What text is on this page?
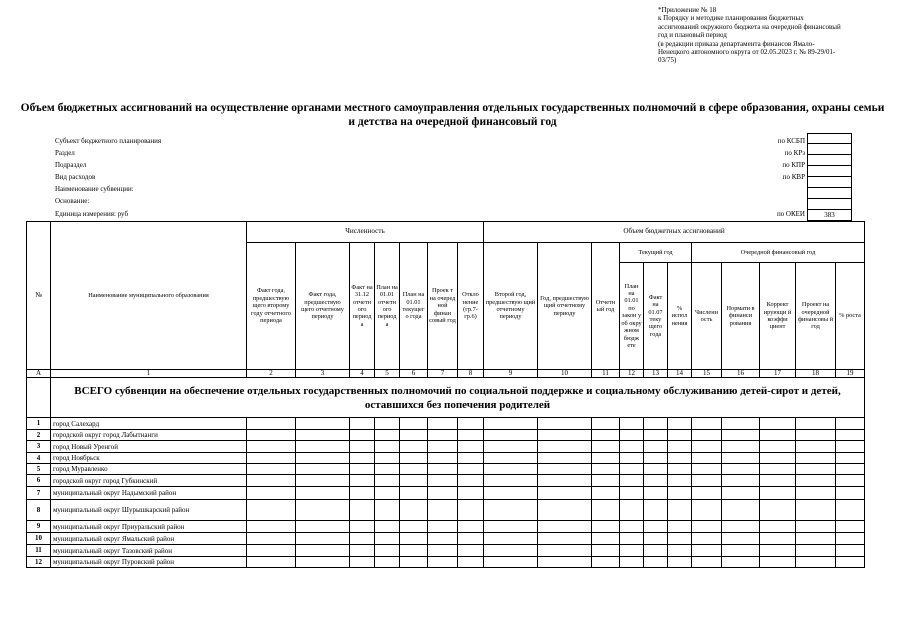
*Приложение № 18
к Порядку и методике планирования бюджетных
ассигнований окружного бюджета на очередной финансовый
год и плановый период
(в редакции приказа департамента финансов Ямало-
Ненецкого автономного округа от 02.05.2023 г. № 89-29/01-
03/75)
Объем бюджетных ассигнований на осуществление органами местного самоуправления отдельных государственных полномочий в сфере образования, охраны семьи и детства на очередной финансовый год
Субъект бюджетного планирования
Раздел
Подраздел
Вид расходов
Наименование субвенции:
Основание:
Единица измерения: руб
по КСБП
по КРз
по КПР
по КВР
по ОКЕИ	383
№	Наименование муниципального образования	Численность							Объем бюджетных ассигнований										
		Факт года, предшествую щего второму году отчетного периода	Факт года, предшествую щего отчетному периоду	Факт на 31.12 отчетн ого период а	План на 01.01 отчетн ого период а	План на 01.01 текущег о года	Проек т на очеред ной финан совый год	Откло нение (гр.7-гр.6)	Второй год, предшествую щий отчетному периоду	Год, предшествую щий отчетному периоду	Отчетн ый год	Текущий год			Очередной финансовый год				
												План на 01.01 по закон у об окру жном бюдж ете	Факт на 01.07 теку щего года	% испол нения	Численн ость	Нормати в финанси рования	Коррект ирующи й коэффи циент	Проект на очередной финансовы й год	% роста
А	1	2	3	4	5	6	7	8	9	10	11	12	13	14	15	16	17	18	19
	ВСЕГО субвенции на обеспечение отдельных государственных полномочий по социальной поддержке и социальному обслуживанию детей-сирот и детей, оставшихся без попечения родителей																		
1	город Салехард																		
2	городской округ город Лабытнанги																		
3	город Новый Уренгой																		
4	город Ноябрьск																		
5	город Муравленко																		
6	городской округ город Губкинский																		
7	муниципальный округ Надымский район																		
8	муниципальный округ Шурышкарский район																		
9	муниципальный округ Приуральский район																		
10	муниципальный округ Ямальский район																		
11	муниципальный округ Тазовский район																		
12	муниципальный округ Пуровский район																		
